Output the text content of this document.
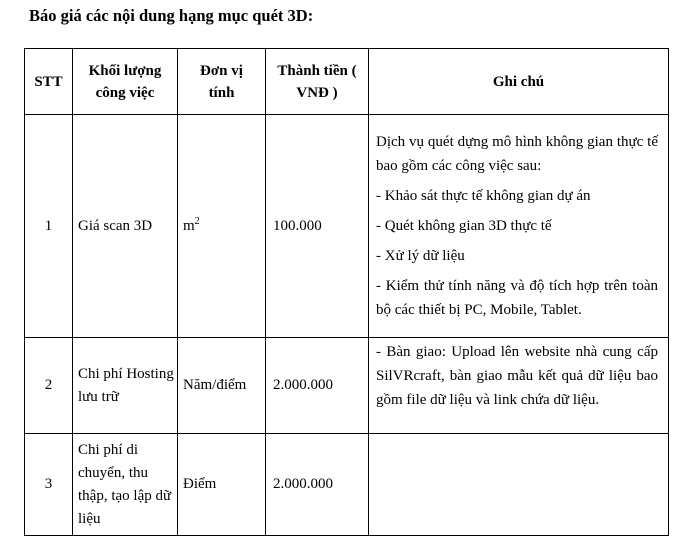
Báo giá các nội dung hạng mục quét 3D:
STT	Khối lượng công việc	Đơn vị tính	Thành tiền ( VNĐ )	Ghi chú
1	Giá scan 3D	$m^2$	100.000	Dịch vụ quét dựng mô hình không gian thực tế bao gồm các công việc sau:
- Khảo sát thực tế không gian dự án
- Quét không gian 3D thực tế
- Xử lý dữ liệu
- Kiểm thử tính năng và độ tích hợp trên toàn bộ các thiết bị PC, Mobile, Tablet.

2	Chi phí Hosting lưu trữ	Năm/điểm	2.000.000	- Bàn giao: Upload lên website nhà cung cấp SilVRcraft, bàn giao mẫu kết quả dữ liệu bao gồm file dữ liệu và link chứa dữ liệu.

3	Chi phí di chuyển, thu thập, tạo lập dữ liệu	Điểm	2.000.000	
